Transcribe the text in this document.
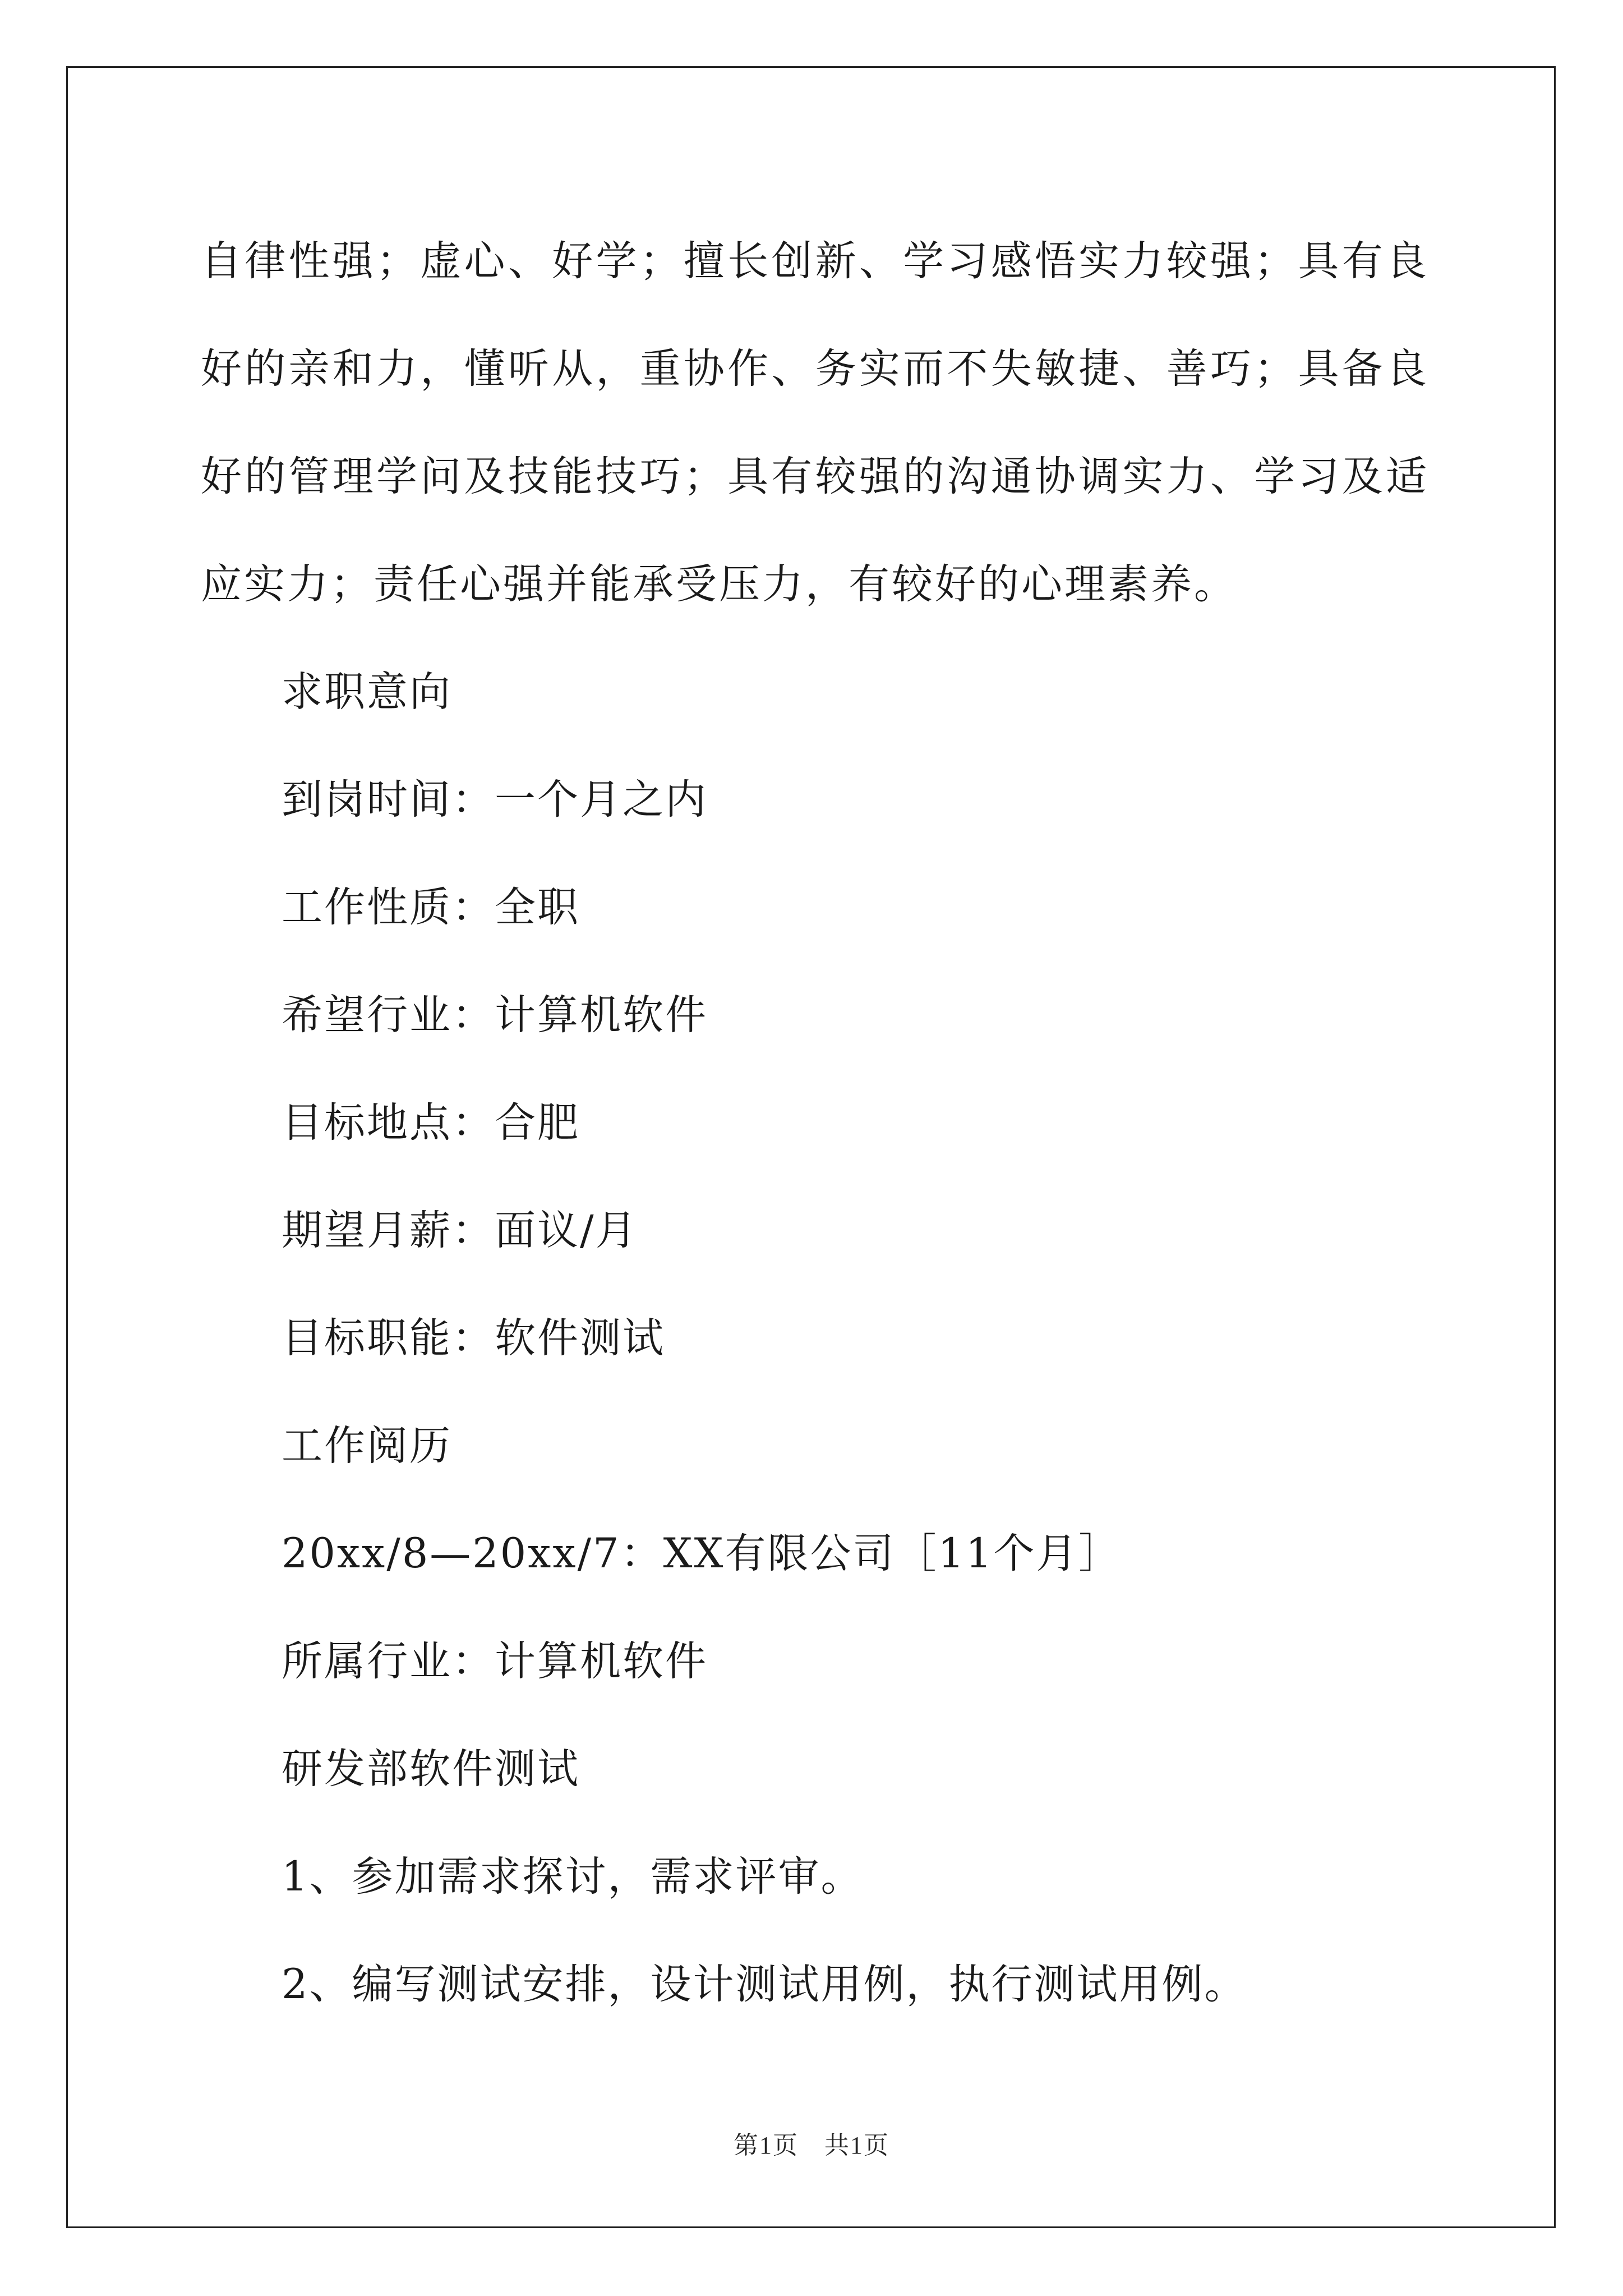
自律性强；虚心、好学；擅长创新、学习感悟实力较强；具有良好的亲和力，懂听从，重协作、务实而不失敏捷、善巧；具备良好的管理学问及技能技巧；具有较强的沟通协调实力、学习及适应实力；责任心强并能承受压力，有较好的心理素养。

求职意向
到岗时间：一个月之内
工作性质：全职
希望行业：计算机软件
目标地点：合肥
期望月薪：面议/月
目标职能：软件测试
工作阅历
20xx/8—20xx/7：XX有限公司［11个月］
所属行业：计算机软件
研发部软件测试
1、参加需求探讨，需求评审。
2、编写测试安排，设计测试用例，执行测试用例。
第1页　共1页
